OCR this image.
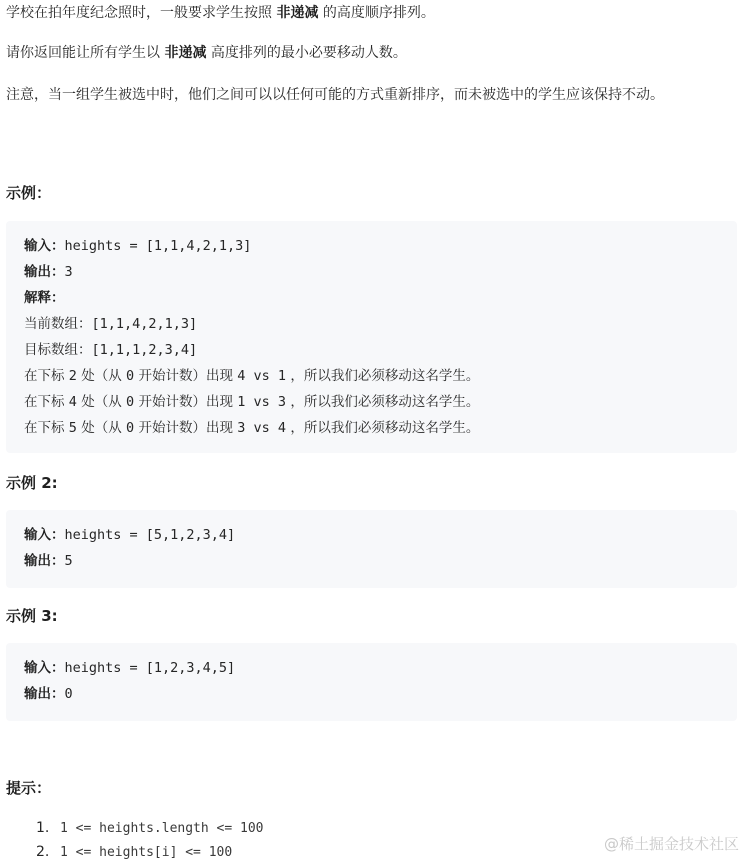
学校在拍年度纪念照时，一般要求学生按照 非递减 的高度顺序排列。
请你返回能让所有学生以 非递减 高度排列的最小必要移动人数。
注意，当一组学生被选中时，他们之间可以以任何可能的方式重新排序，而未被选中的学生应该保持不动。
示例：
输入：heights = [1,1,4,2,1,3]
输出：3
解释：
当前数组：[1,1,4,2,1,3]
目标数组：[1,1,1,2,3,4]
在下标 2 处（从 0 开始计数）出现 4 vs 1 ，所以我们必须移动这名学生。
在下标 4 处（从 0 开始计数）出现 1 vs 3 ，所以我们必须移动这名学生。
在下标 5 处（从 0 开始计数）出现 3 vs 4 ，所以我们必须移动这名学生。
示例 2:
输入：heights = [5,1,2,3,4]
输出：5
示例 3:
输入：heights = [1,2,3,4,5]
输出：0
提示：
1. 1 <= heights.length <= 100
2. 1 <= heights[i] <= 100	@稀土掘金技术社区
